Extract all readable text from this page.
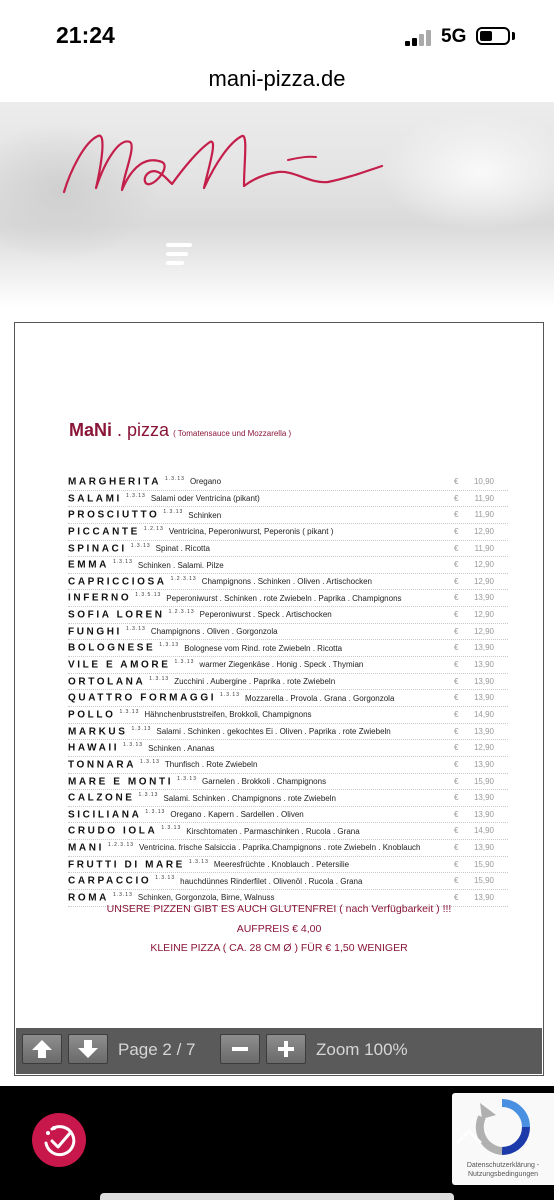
21:24	5G
mani-pizza.de
MaNi . pizza ( Tomatensauce und Mozzarella )
MARGHERITA $^{1.3.13}$ Oregano	€ 10,90
SALAMI $^{1.3.13}$ Salami oder Ventricina (pikant)	€ 11,90
PROSCIUTTO $^{1.3.13}$ Schinken	€ 11,90
PICCANTE $^{1.2.13}$ Ventricina, Peperoniwurst, Peperonis ( pikant )	€ 12,90
SPINACI $^{1.3.13}$ Spinat . Ricotta	€ 11,90
EMMA $^{1.3.13}$ Schinken . Salami. Pilze	€ 12,90
CAPRICCIOSA $^{1.2.3.13}$ Champignons . Schinken . Oliven . Artischocken	€ 12,90
INFERNO $^{1.3.5.13}$ Peperoniwurst . Schinken . rote Zwiebeln . Paprika . Champignons	€ 13,90
SOFIA LOREN $^{1.2.3.13}$ Peperoniwurst . Speck . Artischocken	€ 12,90
FUNGHI $^{1.3.13}$ Champignons . Oliven . Gorgonzola	€ 12,90
BOLOGNESE $^{1.3.13}$ Bolognese vom Rind. rote Zwiebeln . Ricotta	€ 13,90
VILE E AMORE $^{1.3.13}$ warmer Ziegenkäse . Honig . Speck . Thymian	€ 13,90
ORTOLANA $^{1.3.13}$ Zucchini . Aubergine . Paprika . rote Zwiebeln	€ 13,90
QUATTRO FORMAGGI $^{1.3.13}$ Mozzarella . Provola . Grana . Gorgonzola	€ 13,90
POLLO $^{1.3.13}$ Hähnchenbruststreifen, Brokkoli, Champignons	€ 14,90
MARKUS $^{1.3.13}$ Salami . Schinken . gekochtes Ei . Oliven . Paprika . rote Zwiebeln	€ 13,90
HAWAII $^{1.3.13}$ Schinken . Ananas	€ 12,90
TONNARA $^{1.3.13}$ Thunfisch . Rote Zwiebeln	€ 13,90
MARE E MONTI $^{1.3.13}$ Garnelen . Brokkoli . Champignons	€ 15,90
CALZONE $^{1.3.13}$ Salami. Schinken . Champignons . rote Zwiebeln	€ 13,90
SICILIANA $^{1.3.13}$ Oregano . Kapern . Sardellen . Oliven	€ 13,90
CRUDO IOLA $^{1.3.13}$ Kirschtomaten . Parmaschinken . Rucola . Grana	€ 14,90
MANI $^{1.2.3.13}$ Ventricina. frische Salsiccia . Paprika.Champignons . rote Zwiebeln . Knoblauch	€ 13,90
FRUTTI DI MARE $^{1.3.13}$ Meeresfrüchte . Knoblauch . Petersilie	€ 15,90
CARPACCIO $^{1.3.13}$ hauchdünnes Rinderfilet . Olivenöl . Rucola . Grana	€ 15,90
ROMA $^{1.3.13}$ Schinken, Gorgonzola, Birne, Walnuss	€ 13,90
UNSERE PIZZEN GIBT ES AUCH GLUTENFREI ( nach Verfügbarkeit ) !!!
AUFPREIS € 4,00
KLEINE PIZZA ( CA. 28 CM Ø ) FÜR € 1,50 WENIGER
Page 2 / 7	Zoom 100%
Datenschutzerklärung -
Nutzungsbedingungen
